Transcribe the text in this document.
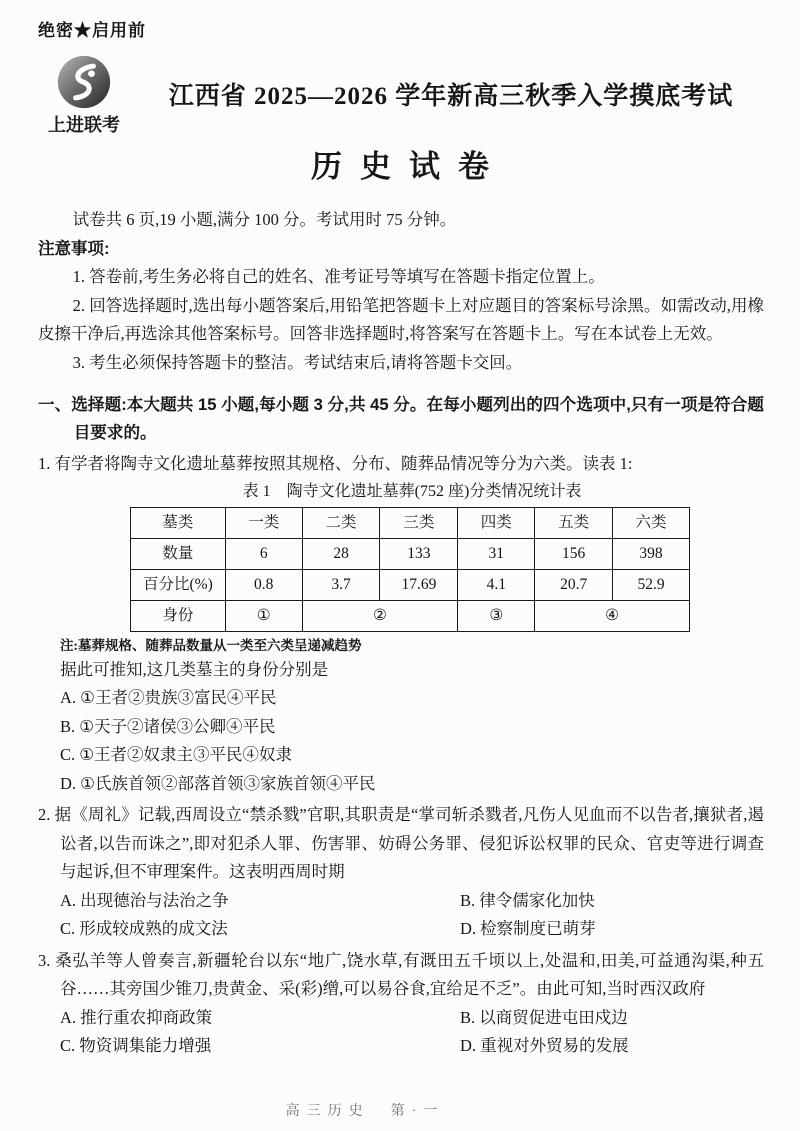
绝密★启用前
上进联考
江西省 2025—2026 学年新高三秋季入学摸底考试
历史试卷

试卷共 6 页,19 小题,满分 100 分。考试用时 75 分钟。

注意事项:

1. 答卷前,考生务必将自己的姓名、准考证号等填写在答题卡指定位置上。

2. 回答选择题时,选出每小题答案后,用铅笔把答题卡上对应题目的答案标号涂黑。如需改动,用橡皮擦干净后,再选涂其他答案标号。回答非选择题时,将答案写在答题卡上。写在本试卷上无效。

3. 考生必须保持答题卡的整洁。考试结束后,请将答题卡交回。

一、选择题:本大题共 15 小题,每小题 3 分,共 45 分。在每小题列出的四个选项中,只有一项是符合题目要求的。

1. 有学者将陶寺文化遗址墓葬按照其规格、分布、随葬品情况等分为六类。读表 1:

表 1　陶寺文化遗址墓葬(752 座)分类情况统计表
墓类	一类	二类	三类	四类	五类	六类
数量	6	28	133	31	156	398
百分比(%)	0.8	3.7	17.69	4.1	20.7	52.9
身份	①	②		③	④	
注:墓葬规格、随葬品数量从一类至六类呈递减趋势

据此可推知,这几类墓主的身份分别是

A. ①王者②贵族③富民④平民
B. ①天子②诸侯③公卿④平民
C. ①王者②奴隶主③平民④奴隶
D. ①氏族首领②部落首领③家族首领④平民

2. 据《周礼》记载,西周设立“禁杀戮”官职,其职责是“掌司斩杀戮者,凡伤人见血而不以告者,攘狱者,遏讼者,以告而诛之”,即对犯杀人罪、伤害罪、妨碍公务罪、侵犯诉讼权罪的民众、官吏等进行调查与起诉,但不审理案件。这表明西周时期

A. 出现德治与法治之争	B. 律令儒家化加快
C. 形成较成熟的成文法	D. 检察制度已萌芽

3. 桑弘羊等人曾奏言,新疆轮台以东“地广,饶水草,有溉田五千顷以上,处温和,田美,可益通沟渠,种五谷……其旁国少锥刀,贵黄金、采(彩)缯,可以易谷食,宜给足不乏”。由此可知,当时西汉政府

A. 推行重农抑商政策	B. 以商贸促进屯田戍边
C. 物资调集能力增强	D. 重视对外贸易的发展
高三历史　第·一
